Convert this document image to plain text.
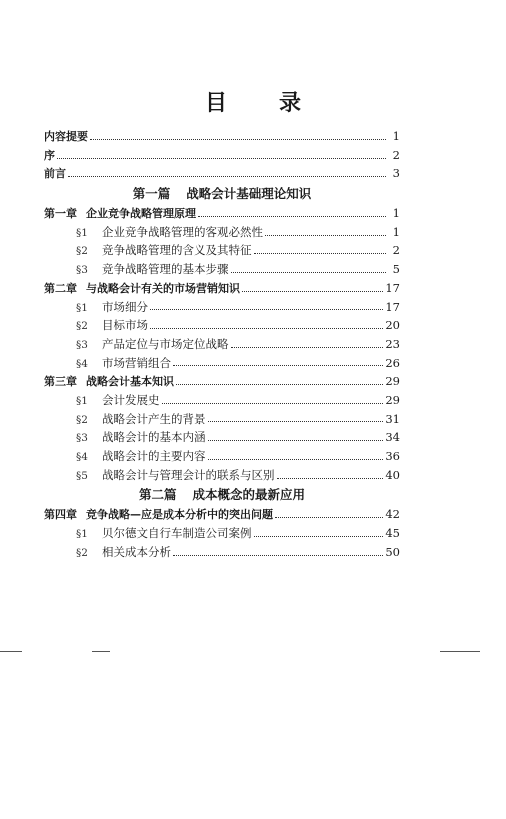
目 录
内容提要	1
序	2
前言	3
第一篇 战略会计基础理论知识
第一章 企业竞争战略管理原理	1
§1	企业竞争战略管理的客观必然性	1
§2	竞争战略管理的含义及其特征	2
§3	竞争战略管理的基本步骤	5
第二章 与战略会计有关的市场营销知识	17
§1	市场细分	17
§2	目标市场	20
§3	产品定位与市场定位战略	23
§4	市场营销组合	26
第三章 战略会计基本知识	29
§1	会计发展史	29
§2	战略会计产生的背景	31
§3	战略会计的基本内涵	34
§4	战略会计的主要内容	36
§5	战略会计与管理会计的联系与区别	40
第二篇 成本概念的最新应用
第四章 竞争战略—应是成本分析中的突出问题	42
§1	贝尔德文自行车制造公司案例	45
§2	相关成本分析	50
